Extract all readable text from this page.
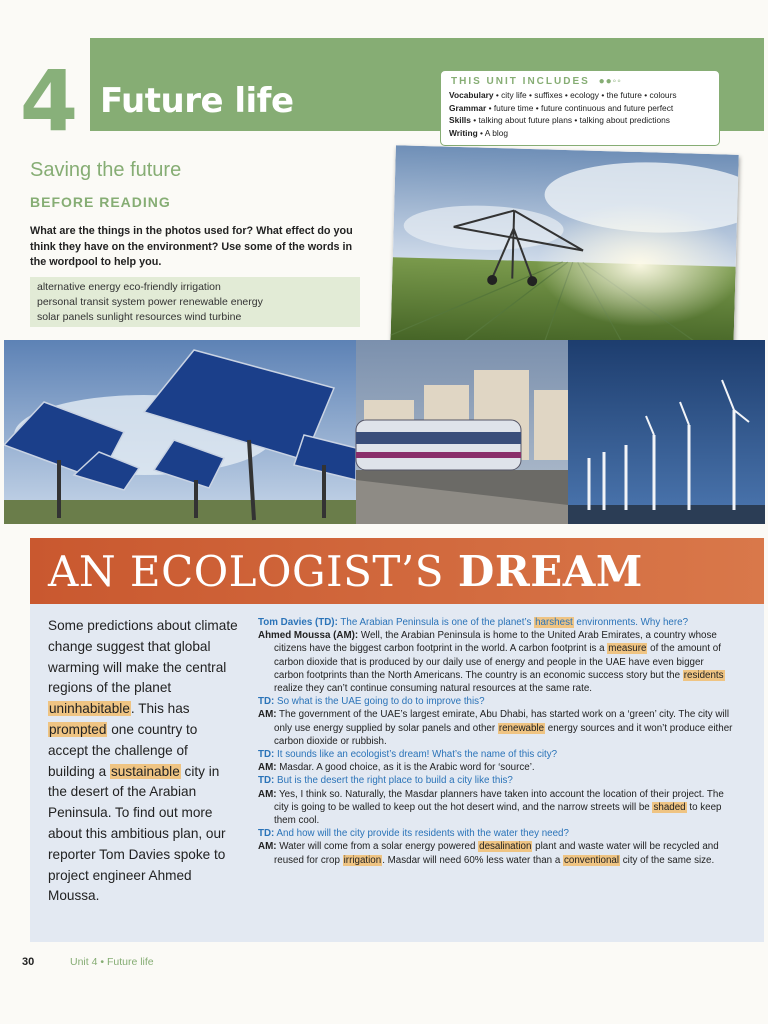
4 Future life	THIS UNIT INCLUDES ●●◦◦
Vocabulary • city life • suffixes • ecology • the future • colours
Grammar • future time • future continuous and future perfect
Skills • talking about future plans • talking about predictions
Writing • A blog
Saving the future
BEFORE READING
What are the things in the photos used for? What effect do you think they have on the environment? Use some of the words in the wordpool to help you.
alternative energy eco-friendly irrigation
personal transit system power renewable energy
solar panels sunlight resources wind turbine
AN ECOLOGIST’S DREAM
Some predictions about climate change suggest that global warming will make the central regions of the planet uninhabitable. This has prompted one country to accept the challenge of building a sustainable city in the desert of the Arabian Peninsula. To find out more about this ambitious plan, our reporter Tom Davies spoke to project engineer Ahmed Moussa.

Tom Davies (TD): The Arabian Peninsula is one of the planet’s harshest environments. Why here?

Ahmed Moussa (AM): Well, the Arabian Peninsula is home to the United Arab Emirates, a country whose citizens have the biggest carbon footprint in the world. A carbon footprint is a measure of the amount of carbon dioxide that is produced by our daily use of energy and people in the UAE have even bigger carbon footprints than the North Americans. The country is an economic success story but the residents realize they can’t continue consuming natural resources at the same rate.

TD: So what is the UAE going to do to improve this?

AM: The government of the UAE’s largest emirate, Abu Dhabi, has started work on a ‘green’ city. The city will only use energy supplied by solar panels and other renewable energy sources and it won’t produce either carbon dioxide or rubbish.

TD: It sounds like an ecologist’s dream! What’s the name of this city?

AM: Masdar. A good choice, as it is the Arabic word for ‘source’.

TD: But is the desert the right place to build a city like this?

AM: Yes, I think so. Naturally, the Masdar planners have taken into account the location of their project. The city is going to be walled to keep out the hot desert wind, and the narrow streets will be shaded to keep them cool.

TD: And how will the city provide its residents with the water they need?

AM: Water will come from a solar energy powered desalination plant and waste water will be recycled and reused for crop irrigation. Masdar will need 60% less water than a conventional city of the same size.

30	Unit 4 • Future life
